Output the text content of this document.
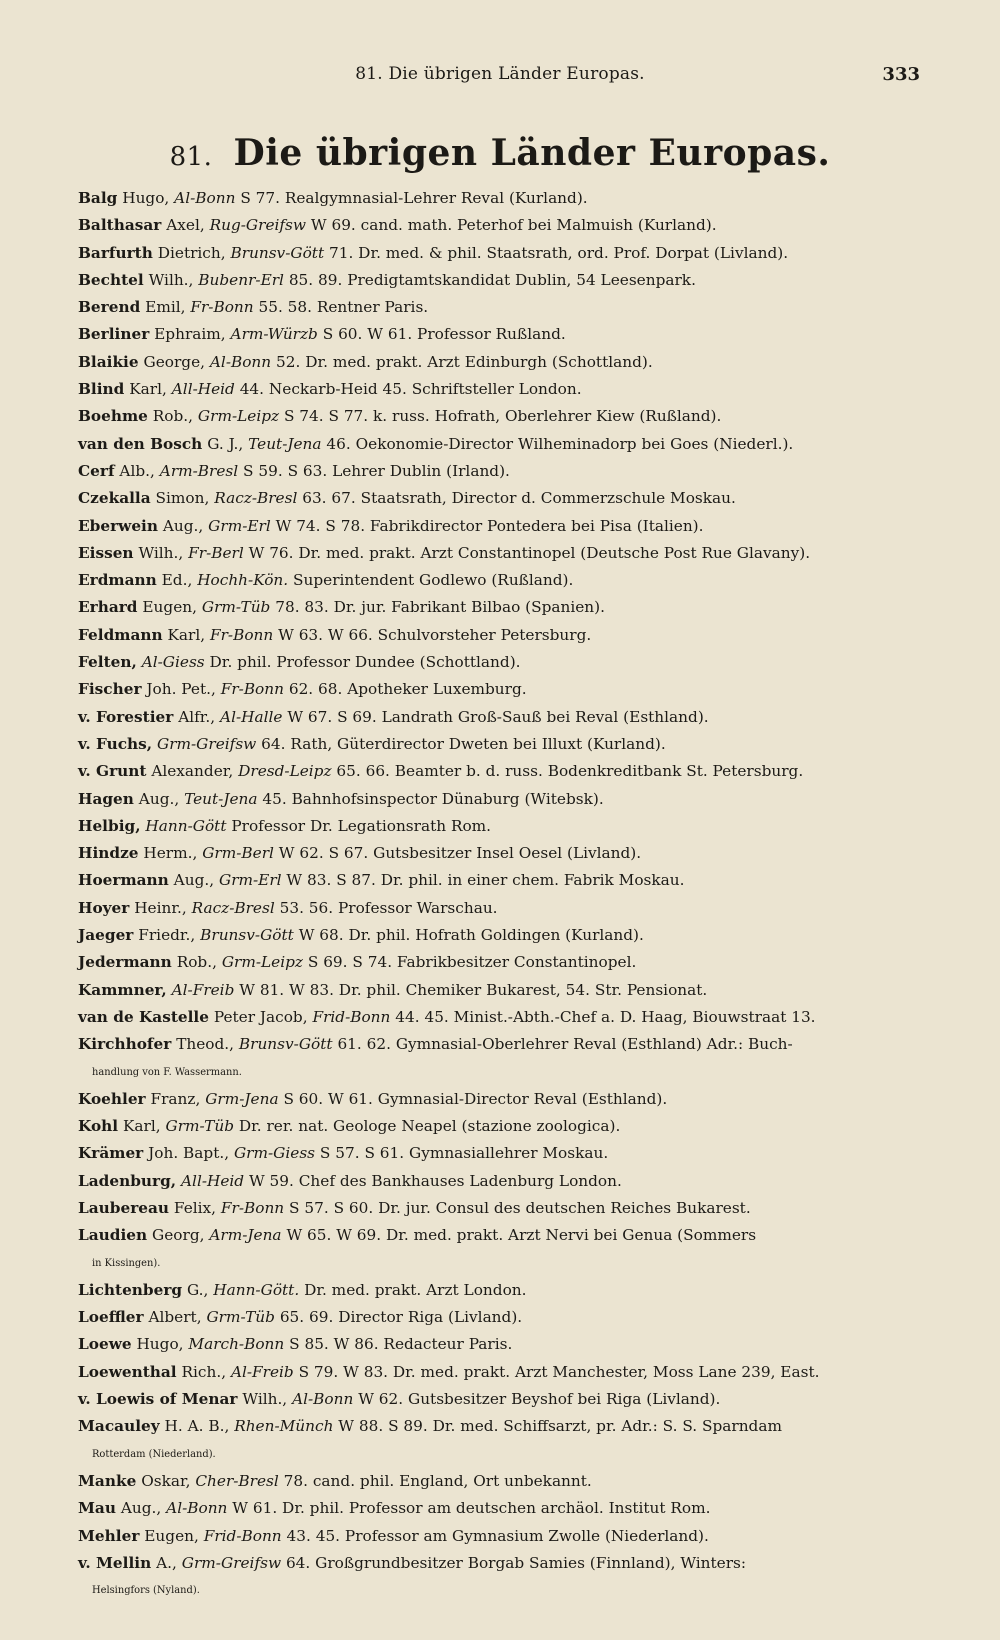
81. Die übrigen Länder Europas.	333
81. Die übrigen Länder Europas.
Balg Hugo, Al-Bonn S 77. Realgymnasial-Lehrer Reval (Kurland).
Balthasar Axel, Rug-Greifsw W 69. cand. math. Peterhof bei Malmuish (Kurland).
Barfurth Dietrich, Brunsv-Gött 71. Dr. med. & phil. Staatsrath, ord. Prof. Dorpat (Livland).
Bechtel Wilh., Bubenr-Erl 85. 89. Predigtamtskandidat Dublin, 54 Leesenpark.
Berend Emil, Fr-Bonn 55. 58. Rentner Paris.
Berliner Ephraim, Arm-Würzb S 60. W 61. Professor Rußland.
Blaikie George, Al-Bonn 52. Dr. med. prakt. Arzt Edinburgh (Schottland).
Blind Karl, All-Heid 44. Neckarb-Heid 45. Schriftsteller London.
Boehme Rob., Grm-Leipz S 74. S 77. k. russ. Hofrath, Oberlehrer Kiew (Rußland).
van den Bosch G. J., Teut-Jena 46. Oekonomie-Director Wilheminadorp bei Goes (Niederl.).
Cerf Alb., Arm-Bresl S 59. S 63. Lehrer Dublin (Irland).
Czekalla Simon, Racz-Bresl 63. 67. Staatsrath, Director d. Commerzschule Moskau.
Eberwein Aug., Grm-Erl W 74. S 78. Fabrikdirector Pontedera bei Pisa (Italien).
Eissen Wilh., Fr-Berl W 76. Dr. med. prakt. Arzt Constantinopel (Deutsche Post Rue Glavany).
Erdmann Ed., Hochh-Kön. Superintendent Godlewo (Rußland).
Erhard Eugen, Grm-Tüb 78. 83. Dr. jur. Fabrikant Bilbao (Spanien).
Feldmann Karl, Fr-Bonn W 63. W 66. Schulvorsteher Petersburg.
Felten, Al-Giess Dr. phil. Professor Dundee (Schottland).
Fischer Joh. Pet., Fr-Bonn 62. 68. Apotheker Luxemburg.
v. Forestier Alfr., Al-Halle W 67. S 69. Landrath Groß-Sauß bei Reval (Esthland).
v. Fuchs, Grm-Greifsw 64. Rath, Güterdirector Dweten bei Illuxt (Kurland).
v. Grunt Alexander, Dresd-Leipz 65. 66. Beamter b. d. russ. Bodenkreditbank St. Petersburg.
Hagen Aug., Teut-Jena 45. Bahnhofsinspector Dünaburg (Witebsk).
Helbig, Hann-Gött Professor Dr. Legationsrath Rom.
Hindze Herm., Grm-Berl W 62. S 67. Gutsbesitzer Insel Oesel (Livland).
Hoermann Aug., Grm-Erl W 83. S 87. Dr. phil. in einer chem. Fabrik Moskau.
Hoyer Heinr., Racz-Bresl 53. 56. Professor Warschau.
Jaeger Friedr., Brunsv-Gött W 68. Dr. phil. Hofrath Goldingen (Kurland).
Jedermann Rob., Grm-Leipz S 69. S 74. Fabrikbesitzer Constantinopel.
Kammner, Al-Freib W 81. W 83. Dr. phil. Chemiker Bukarest, 54. Str. Pensionat.
van de Kastelle Peter Jacob, Frid-Bonn 44. 45. Minist.-Abth.-Chef a. D. Haag, Biouwstraat 13.
Kirchhofer Theod., Brunsv-Gött 61. 62. Gymnasial-Oberlehrer Reval (Esthland) Adr.: Buch-
handlung von F. Wassermann.
Koehler Franz, Grm-Jena S 60. W 61. Gymnasial-Director Reval (Esthland).
Kohl Karl, Grm-Tüb Dr. rer. nat. Geologe Neapel (stazione zoologica).
Krämer Joh. Bapt., Grm-Giess S 57. S 61. Gymnasiallehrer Moskau.
Ladenburg, All-Heid W 59. Chef des Bankhauses Ladenburg London.
Laubereau Felix, Fr-Bonn S 57. S 60. Dr. jur. Consul des deutschen Reiches Bukarest.
Laudien Georg, Arm-Jena W 65. W 69. Dr. med. prakt. Arzt Nervi bei Genua (Sommers
in Kissingen).
Lichtenberg G., Hann-Gött. Dr. med. prakt. Arzt London.
Loeffler Albert, Grm-Tüb 65. 69. Director Riga (Livland).
Loewe Hugo, March-Bonn S 85. W 86. Redacteur Paris.
Loewenthal Rich., Al-Freib S 79. W 83. Dr. med. prakt. Arzt Manchester, Moss Lane 239, East.
v. Loewis of Menar Wilh., Al-Bonn W 62. Gutsbesitzer Beyshof bei Riga (Livland).
Macauley H. A. B., Rhen-Münch W 88. S 89. Dr. med. Schiffsarzt, pr. Adr.: S. S. Sparndam
Rotterdam (Niederland).
Manke Oskar, Cher-Bresl 78. cand. phil. England, Ort unbekannt.
Mau Aug., Al-Bonn W 61. Dr. phil. Professor am deutschen archäol. Institut Rom.
Mehler Eugen, Frid-Bonn 43. 45. Professor am Gymnasium Zwolle (Niederland).
v. Mellin A., Grm-Greifsw 64. Großgrundbesitzer Borgab Samies (Finnland), Winters:
Helsingfors (Nyland).
